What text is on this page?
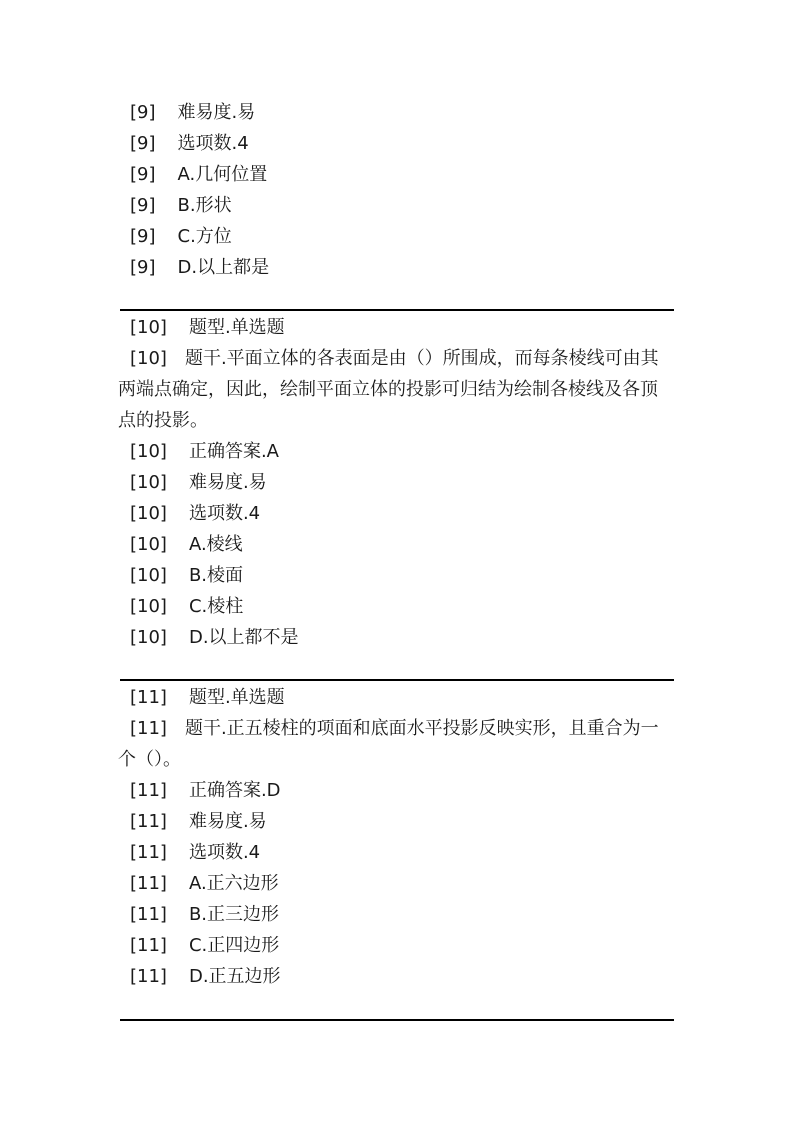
[9] 难易度.易
[9] 选项数.4
[9] A.几何位置
[9] B.形状
[9] C.方位
[9] D.以上都是
[10] 题型.单选题
[10] 题干.平面立体的各表面是由（）所围成，而每条棱线可由其两端点确定，因此，绘制平面立体的投影可归结为绘制各棱线及各顶点的投影。
[10] 正确答案.A
[10] 难易度.易
[10] 选项数.4
[10] A.棱线
[10] B.棱面
[10] C.棱柱
[10] D.以上都不是
[11] 题型.单选题
[11] 题干.正五棱柱的项面和底面水平投影反映实形，且重合为一个（）。
[11] 正确答案.D
[11] 难易度.易
[11] 选项数.4
[11] A.正六边形
[11] B.正三边形
[11] C.正四边形
[11] D.正五边形
